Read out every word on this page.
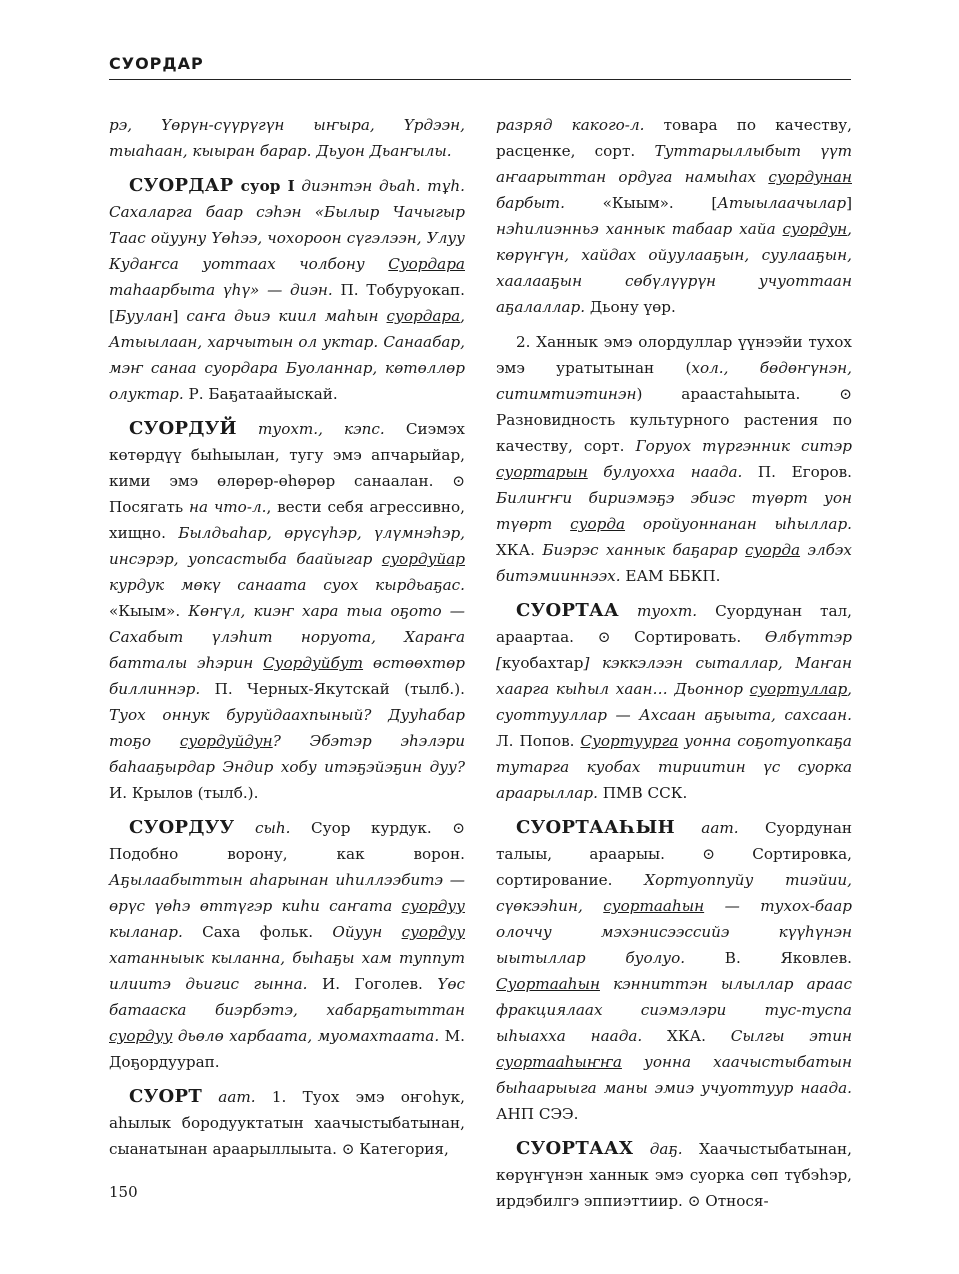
СУОРДАР

рэ, Үөрүн-сүүрүгүн ыҥыра, Үрдээн, тыаһаан, кыыран барар. Дьуон Дьаҥылы.

СУОРДАР суор I диэнтэн дьаһ. тұһ. Сахаларга баар сэһэн «Былыр Чачыгыр Таас ойууну Үөһээ, чохороон сүгэлээн, Улуу Кудаҥса уоттаах чолбону Суордара таһаарбыта үһү» — диэн. П. Тобуруокап. [Буулан] саҥа дьиэ киил маһын суордара, Атыылаан, харчытын ол уктар. Санаабар, мэҥ санаа суордара Буоланнар, көтөллөр олуктар. Р. Баҕатаайыскай.

СУОРДУЙ туохт., кэпс. Сиэмэх көтөрдүү быһыылан, тугу эмэ апчарыйар, кими эмэ өлөрөр-өһөрөр санаалан. ⊙ Посягать на что-л., вести себя агрессивно, хищно. Былдьаһар, өрүсүһэр, үлүмнэһэр, инсэрэр, уопсастыба баайыгар суордуйар курдук мөкү санаата суох кырдьаҕас. «Кыым». Көҥүл, киэҥ хара тыа оҕото — Сахабыт үлэһит норуота, Хараҥа батталы эһэрин Суордуйбут өстөөхтөр биллиннэр. П. Черных-Якутскай (тылб.). Туох оннук буруйдаахпыный? Дууһабар тоҕо суордуйдун? Эбэтэр эһэлэри баһааҕырдар Эндир хобу итэҕэйэҕин дуу? И. Крылов (тылб.).

СУОРДУУ сыһ. Суор курдук. ⊙ Подобно ворону, как ворон. Аҕылаабыттын аһарынан иһиллээбитэ — өрүс үөһэ өттүгэр киһи саҥата суордуу кыланар. Саха фольк. Ойуун суордуу хатанныык кыланна, быһаҕы хам туппут илиитэ дьигис гынна. И. Гоголев. Үөс батааска биэрбэтэ, хабарҕатыттан суордуу дьөлө харбаата, муомахтаата. М. Доҕордуурап.

СУОРТ аат. 1. Туох эмэ оҥоһук, аһылык бородууктатын хаачыстыбатынан, сыанатынан араарыллыыта. ⊙ Категория,

разряд какого-л. товара по качеству, расценке, сорт. Туттарыллыбыт үүт аҥаарыттан ордуга намыһах суордунан барбыт. «Кыым». [Атыылаачылар] нэһилиэнньэ ханнык табаар хайа суордун, көрүҥүн, хайдах ойуулааҕын, суулааҕын, хаалааҕын сөбүлүүрүн учуоттаан аҕалаллар. Дьону үөр.

2. Ханнык эмэ олордуллар үүнээйи тухох эмэ уратытынан (хол., бөдөҥүнэн, ситимтиэтинэн) араастаһыыта. ⊙ Разновидность культурного растения по качеству, сорт. Горуох түргэнник ситэр суортарын булуохха наада. П. Егоров. Билиҥҥи бириэмэҕэ эбиэс түөрт уон түөрт суорда оройуоннанан ыһыллар. ХКА. Биэрэс ханнык баҕарар суорда элбэх битэмииннээх. ЕАМ ББКП.

СУОРТАА туохт. Суордунан тал, араартаа. ⊙ Сортировать. Өлбүттэр [куобахтар] кэккэлээн сыталлар, Маҥан хаарга кыһыл хаан… Дьоннор суортуллар, суоттууллар — Ахсаан аҕыыта, сахсаан. Л. Попов. Суортуурга уонна соҕотуопкаҕа тутарга куобах тириитин үс суорка араарыллар. ПМВ ССК.

СУОРТААҺЫН аат. Суордунан талыы, араарыы. ⊙ Сортировка, сортирование. Хортуоппуйу тиэйии, сүөкээһин, суортааһын — тухох-баар олоччу мэхэнисээссийэ күүһүнэн ыытыллар буолуо. В. Яковлев. Суортааһын кэнниттэн ылыллар араас фракциялаах сиэмэлэри тус-туспа ыһыахха наада. ХКА. Сылгы этин суортааһыҥҥа уонна хаачыстыбатын быһаарыыга маны эмиэ учуоттуур наада. АНП СЭЭ.

СУОРТААХ даҕ. Хаачыстыбатынан, көрүҥүнэн ханнык эмэ суорка сөп түбэһэр, ирдэбилгэ эппиэттиир. ⊙ Относя-

150
